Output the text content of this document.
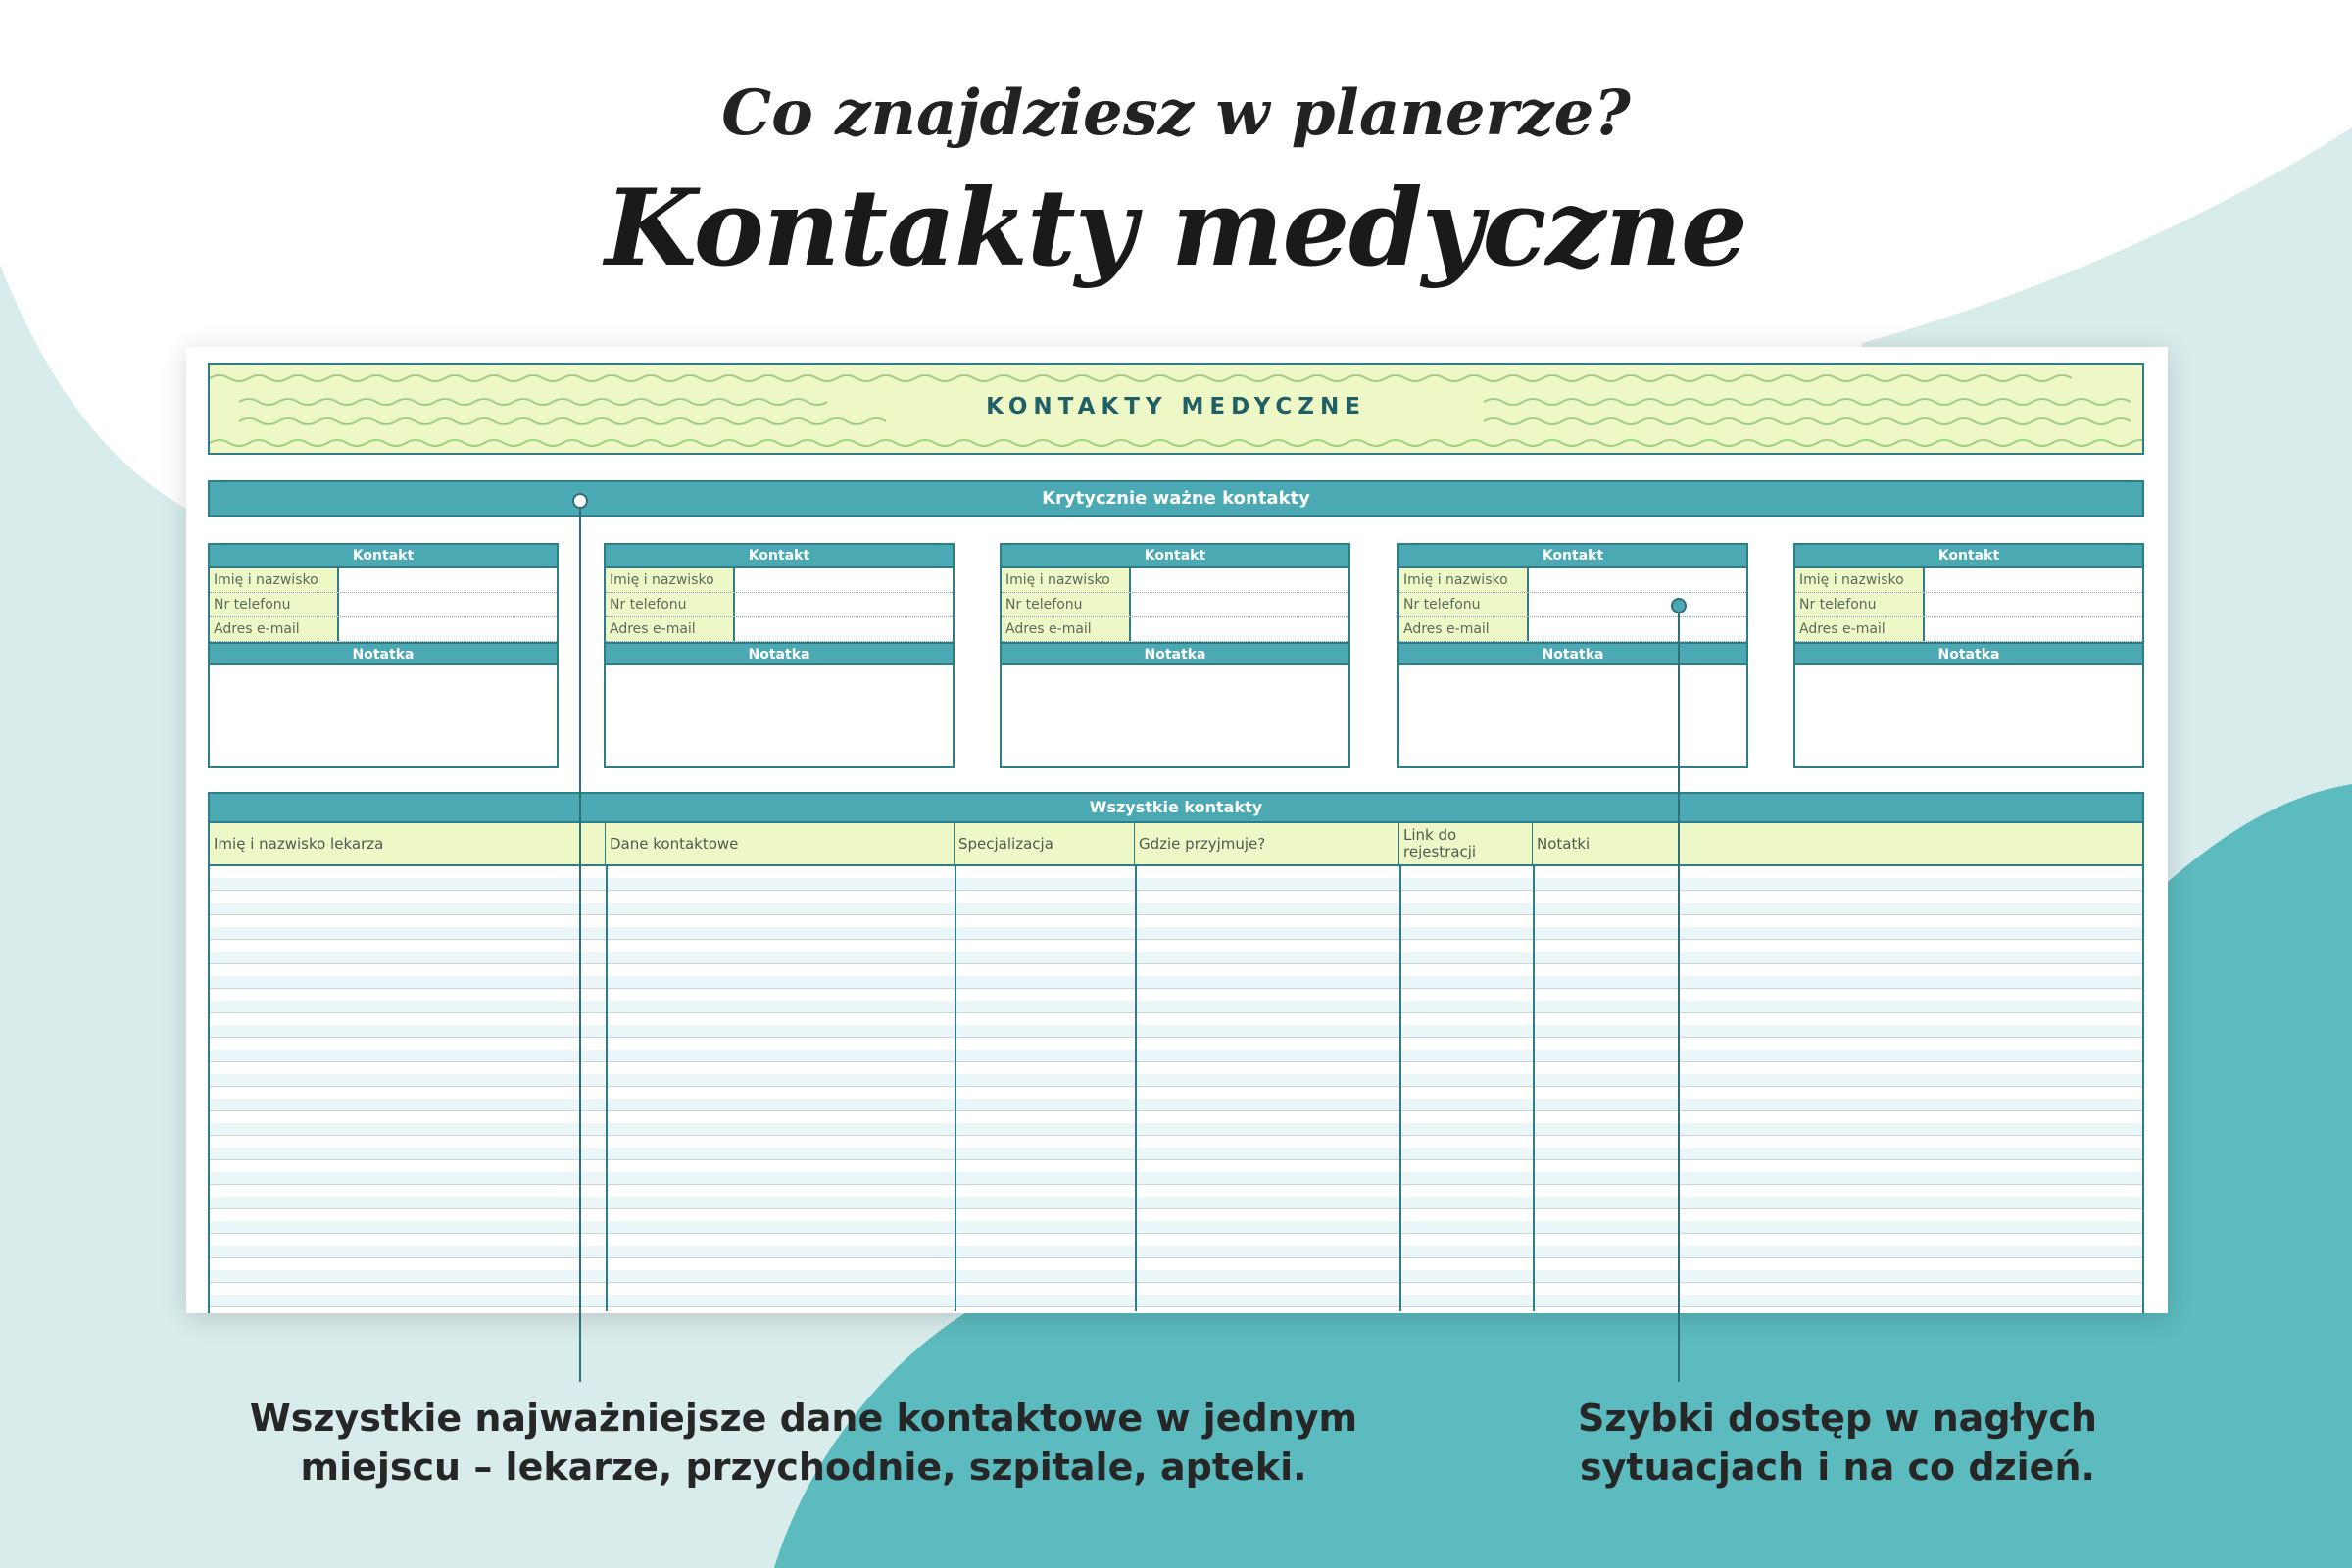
Co znajdziesz w planerze?
Kontakty medyczne
KONTAKTY MEDYCZNE
Krytycznie ważne kontakty
Kontakt
Imię i nazwisko
Nr telefonu
Adres e-mail
Notatka
Kontakt
Imię i nazwisko
Nr telefonu
Adres e-mail
Notatka
Kontakt
Imię i nazwisko
Nr telefonu
Adres e-mail
Notatka
Kontakt
Imię i nazwisko
Nr telefonu
Adres e-mail
Notatka
Kontakt
Imię i nazwisko
Nr telefonu
Adres e-mail
Notatka
Wszystkie kontakty
Imię i nazwisko lekarza	Dane kontaktowe	Specjalizacja	Gdzie przyjmuje?	Link do rejestracji	Notatki
Wszystkie najważniejsze dane kontaktowe w jednym miejscu – lekarze, przychodnie, szpitale, apteki.
Szybki dostęp w nagłych sytuacjach i na co dzień.
